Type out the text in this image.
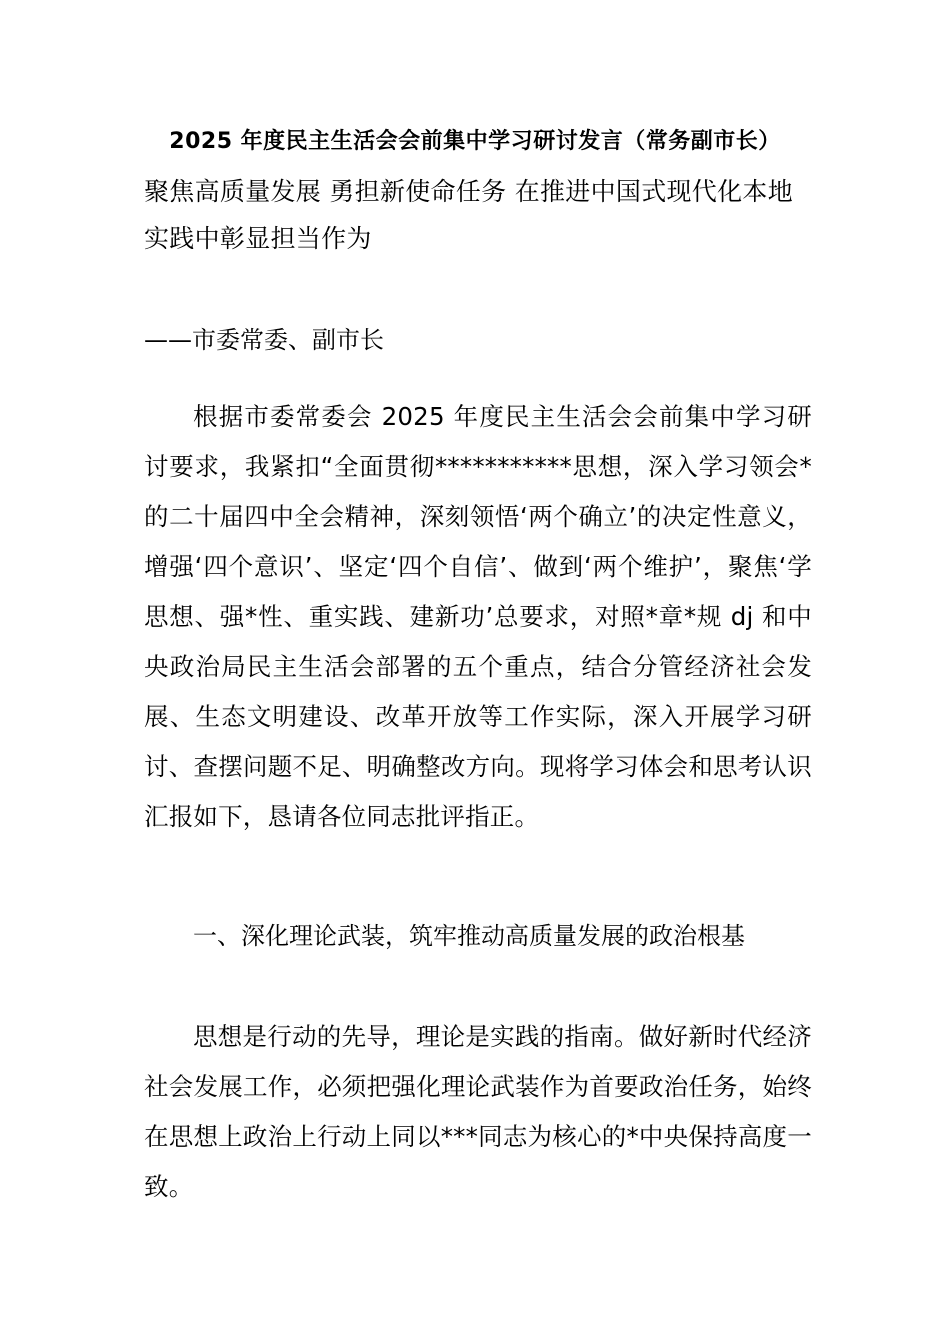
2025 年度民主生活会会前集中学习研讨发言（常务副市长）

聚焦高质量发展 勇担新使命任务 在推进中国式现代化本地实践中彰显担当作为

——市委常委、副市长

根据市委常委会 2025 年度民主生活会会前集中学习研讨要求，我紧扣“全面贯彻***********思想，深入学习领会*的二十届四中全会精神，深刻领悟‘两个确立’的决定性意义，增强‘四个意识’、坚定‘四个自信’、做到‘两个维护’，聚焦‘学思想、强*性、重实践、建新功’总要求，对照*章*规 dj 和中央政治局民主生活会部署的五个重点，结合分管经济社会发展、生态文明建设、改革开放等工作实际，深入开展学习研讨、查摆问题不足、明确整改方向。现将学习体会和思考认识汇报如下，恳请各位同志批评指正。

一、深化理论武装，筑牢推动高质量发展的政治根基

思想是行动的先导，理论是实践的指南。做好新时代经济社会发展工作，必须把强化理论武装作为首要政治任务，始终在思想上政治上行动上同以***同志为核心的*中央保持高度一致。
